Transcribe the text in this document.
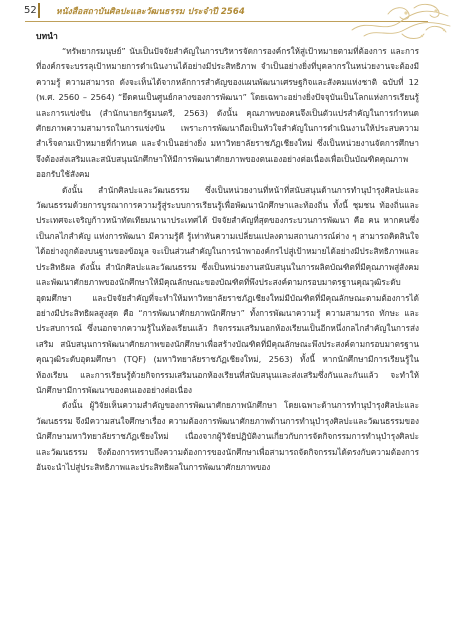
52 หนังสือสถาบันศิลปะและวัฒนธรรม ประจำปี 2564
บทนำ

“ทรัพยากรมนุษย์” นับเป็นปัจจัยสำคัญในการบริหารจัดการองค์กรให้สู่เป้าหมายตามที่ต้องการ และการที่องค์กรจะบรรลุเป้าหมายการดำเนินงานได้อย่างมีประสิทธิภาพ จำเป็นอย่างยิ่งที่บุคลากรในหน่วยงานจะต้องมีความรู้ ความสามารถ ดังจะเห็นได้จากหลักการสำคัญของแผนพัฒนาเศรษฐกิจและสังคมแห่งชาติ ฉบับที่ 12 (พ.ศ. 2560 – 2564) “ยึดคนเป็นศูนย์กลางของการพัฒนา” โดยเฉพาะอย่างยิ่งปัจจุบันเป็นโลกแห่งการเรียนรู้และการแข่งขัน (สำนักนายกรัฐมนตรี, 2563) ดังนั้น คุณภาพของคนจึงเป็นตัวแปรสำคัญในการกำหนดศักยภาพความสามารถในการแข่งขัน เพราะการพัฒนาถือเป็นหัวใจสำคัญในการดำเนินงานให้ประสบความสำเร็จตามเป้าหมายที่กำหนด และจำเป็นอย่างยิ่ง มหาวิทยาลัยราชภัฏเชียงใหม่ ซึ่งเป็นหน่วยงานจัดการศึกษาจึงต้องส่งเสริมและสนับสนุนนักศึกษาให้มีการพัฒนาศักยภาพของตนเองอย่างต่อเนื่องเพื่อเป็นบัณฑิตคุณภาพออกรับใช้สังคม

ดังนั้น สำนักศิลปะและวัฒนธรรม ซึ่งเป็นหน่วยงานที่หน้าที่สนับสนุนด้านการทำนุบำรุงศิลปะและวัฒนธรรมด้วยการบูรณาการความรู้สู่ระบบการเรียนรู้เพื่อพัฒนานักศึกษาและท้องถิ่น ทั้งนี้ ชุมชน ท้องถิ่นและประเทศจะเจริญก้าวหน้าทัดเทียมนานาประเทศได้ ปัจจัยสำคัญที่สุดของกระบวนการพัฒนา คือ คน หากคนซึ่งเป็นกลไกสำคัญ แห่งการพัฒนา มีความรู้ดี รู้เท่าทันความเปลี่ยนแปลงตามสถานการณ์ต่าง ๆ สามารถคิดสินใจได้อย่างถูกต้องบนฐานของข้อมูล จะเป็นส่วนสำคัญในการนำพาองค์กรไปสู่เป้าหมายได้อย่างมีประสิทธิภาพและประสิทธิผล ดังนั้น สำนักศิลปะและวัฒนธรรม ซึ่งเป็นหน่วยงานสนับสนุนในการผลิตบัณฑิตที่มีคุณภาพสู่สังคม และพัฒนาศักยภาพของนักศึกษาให้มีคุณลักษณะของบัณฑิตที่พึงประสงค์ตามกรอบมาตรฐานคุณวุฒิระดับอุดมศึกษา และปัจจัยสำคัญที่จะทำให้มหาวิทยาลัยราชภัฏเชียงใหม่มีบัณฑิตที่มีคุณลักษณะตามต้องการได้อย่างมีประสิทธิผลสูงสุด คือ “การพัฒนาศักยภาพนักศึกษา” ทั้งการพัฒนาความรู้ ความสามารถ ทักษะ และประสบการณ์ ซึ่งนอกจากความรู้ในห้องเรียนแล้ว กิจกรรมเสริมนอกห้องเรียนเป็นอีกหนึ่งกลไกสำคัญในการส่งเสริม สนับสนุนการพัฒนาศักยภาพของนักศึกษาเพื่อสร้างบัณฑิตที่มีคุณลักษณะพึงประสงค์ตามกรอบมาตรฐานคุณวุฒิระดับอุดมศึกษา (TQF) (มหาวิทยาลัยราชภัฏเชียงใหม่, 2563) ทั้งนี้ หากนักศึกษามีการเรียนรู้ในห้องเรียน และการเรียนรู้ด้วยกิจกรรมเสริมนอกห้องเรียนที่สนับสนุนและส่งเสริมซึ่งกันและกันแล้ว จะทำให้นักศึกษามีการพัฒนาของตนเองอย่างต่อเนื่อง

ดังนั้น ผู้วิจัยเห็นความสำคัญของการพัฒนาศักยภาพนักศึกษา โดยเฉพาะด้านการทำนุบำรุงศิลปะและวัฒนธรรม จึงมีความสนใจศึกษาเรื่อง ความต้องการพัฒนาศักยภาพด้านการทำนุบำรุงศิลปะและวัฒนธรรมของนักศึกษามหาวิทยาลัยราชภัฏเชียงใหม่ เนื่องจากผู้วิจัยปฏิบัติงานเกี่ยวกับการจัดกิจกรรมการทำนุบำรุงศิลปะและวัฒนธรรม จึงต้องการทราบถึงความต้องการของนักศึกษาเพื่อสามารถจัดกิจกรรมได้ตรงกับความต้องการ อันจะนำไปสู่ประสิทธิภาพและประสิทธิผลในการพัฒนาศักยภาพของ
